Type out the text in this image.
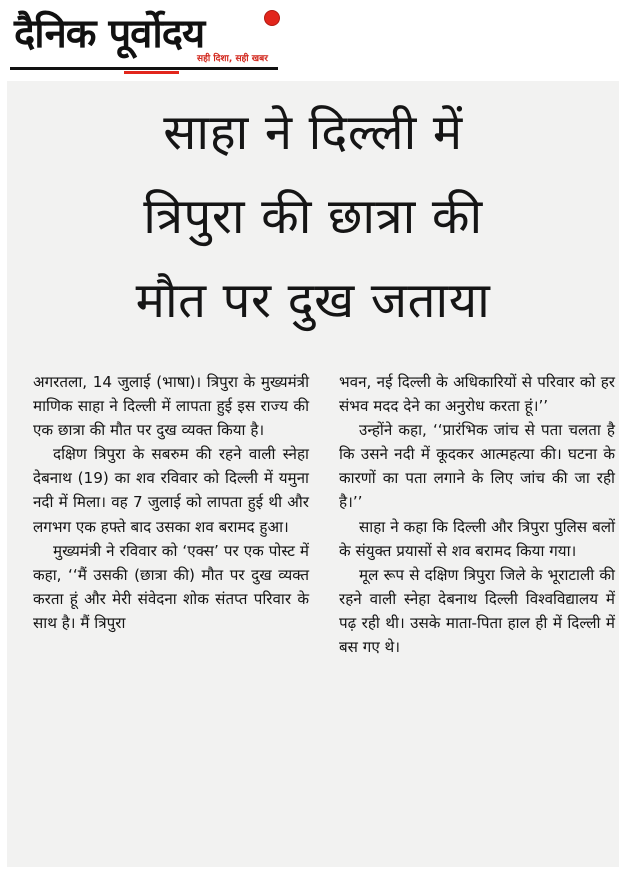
दैनिक पूर्वोदय
सही दिशा, सही खबर
साहा ने दिल्ली में
त्रिपुरा की छात्रा की
मौत पर दुख जताया

अगरतला, 14 जुलाई (भाषा)। त्रिपुरा के मुख्यमंत्री माणिक साहा ने दिल्ली में लापता हुई इस राज्य की एक छात्रा की मौत पर दुख व्यक्त किया है।

दक्षिण त्रिपुरा के सबरुम की रहने वाली स्नेहा देबनाथ (19) का शव रविवार को दिल्ली में यमुना नदी में मिला। वह 7 जुलाई को लापता हुई थी और लगभग एक हफ्ते बाद उसका शव बरामद हुआ।

मुख्यमंत्री ने रविवार को ‘एक्स’ पर एक पोस्ट में कहा, ‘‘मैं उसकी (छात्रा की) मौत पर दुख व्यक्त करता हूं और मेरी संवेदना शोक संतप्त परिवार के साथ है। मैं त्रिपुरा

भवन, नई दिल्ली के अधिकारियों से परिवार को हर संभव मदद देने का अनुरोध करता हूं।’’

उन्होंने कहा, ‘‘प्रारंभिक जांच से पता चलता है कि उसने नदी में कूदकर आत्महत्या की। घटना के कारणों का पता लगाने के लिए जांच की जा रही है।’’

साहा ने कहा कि दिल्ली और त्रिपुरा पुलिस बलों के संयुक्त प्रयासों से शव बरामद किया गया।

मूल रूप से दक्षिण त्रिपुरा जिले के भूराटाली की रहने वाली स्नेहा देबनाथ दिल्ली विश्वविद्यालय में पढ़ रही थी। उसके माता-पिता हाल ही में दिल्ली में बस गए थे।
